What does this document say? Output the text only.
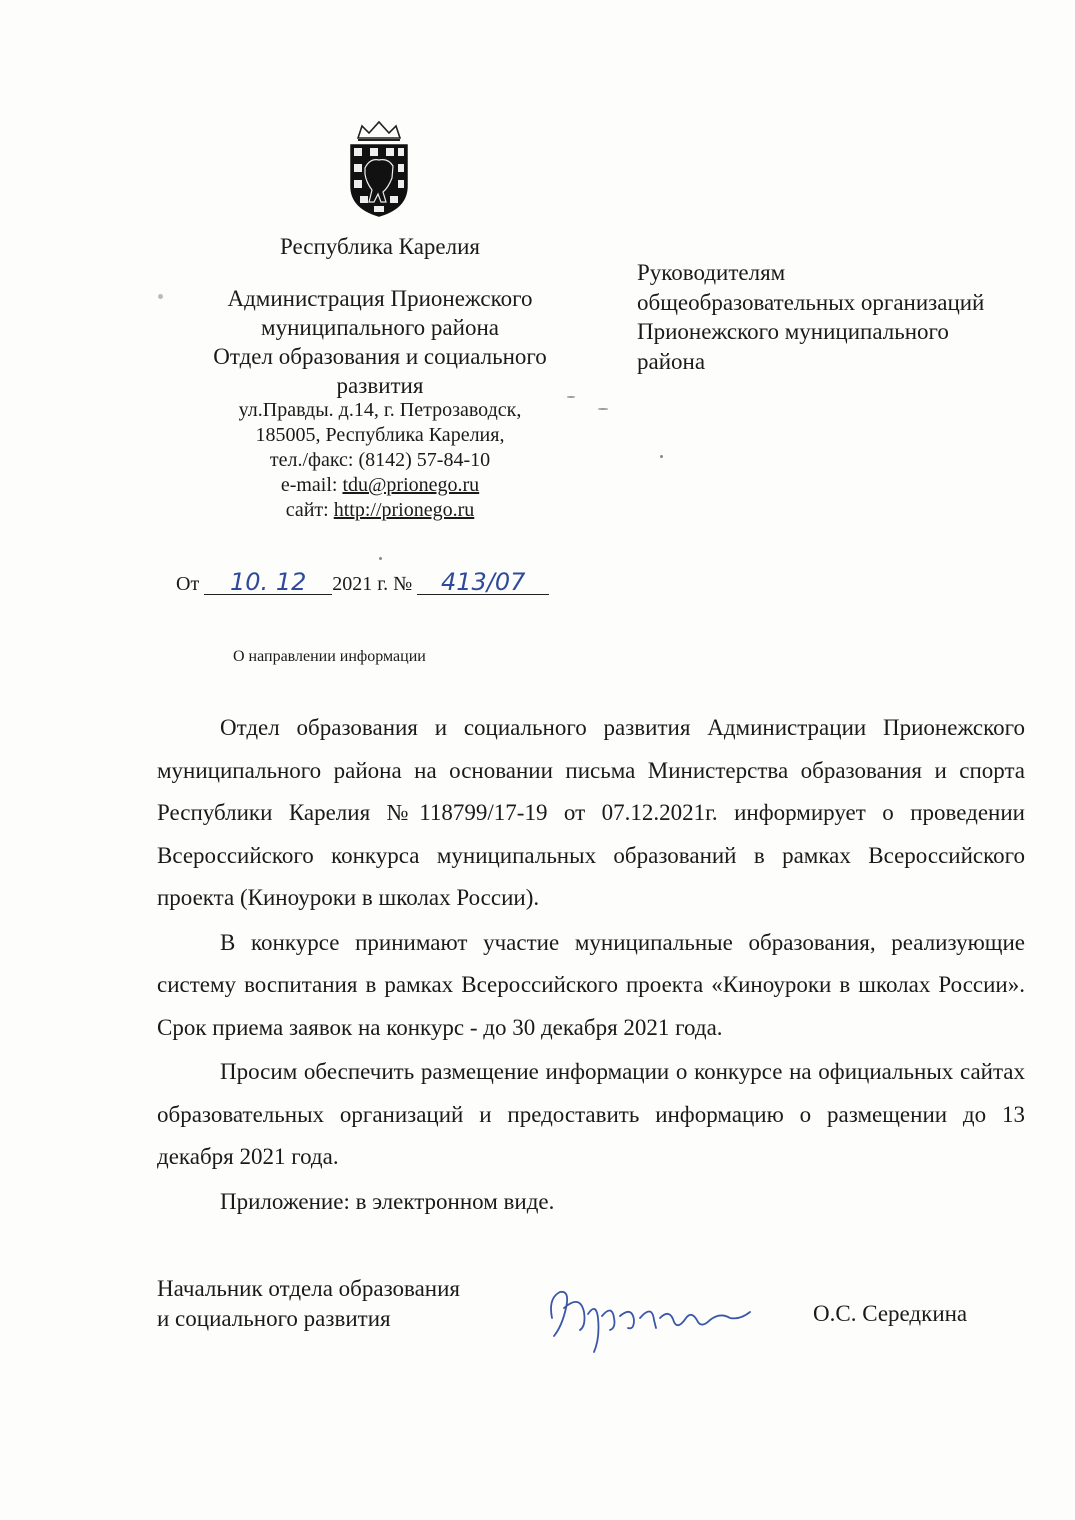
Республика Карелия
Администрация Прионежского
муниципального района
Отдел образования и социального
развития
ул.Правды. д.14, г. Петрозаводск,
185005, Республика Карелия,
тел./факс: (8142) 57-84-10
e-mail: tdu@prionego.ru
сайт: http://prionego.ru
Руководителям
общеобразовательных организаций
Прионежского муниципального
района
От 10. 12 2021 г. № 413/07
О направлении информации

Отдел образования и социального развития Администрации Прионежского муниципального района на основании письма Министерства образования и спорта Республики Карелия №118799/17-19 от 07.12.2021г. информирует о проведении Всероссийского конкурса муниципальных образований в рамках Всероссийского проекта (Киноуроки в школах России).

В конкурсе принимают участие муниципальные образования, реализующие систему воспитания в рамках Всероссийского проекта «Киноуроки в школах России». Срок приема заявок на конкурс - до 30 декабря 2021 года.

Просим обеспечить размещение информации о конкурсе на официальных сайтах образовательных организаций и предоставить информацию о размещении до 13 декабря 2021 года.

Приложение: в электронном виде.

Начальник отдела образования
и социального развития	О.С. Середкина
